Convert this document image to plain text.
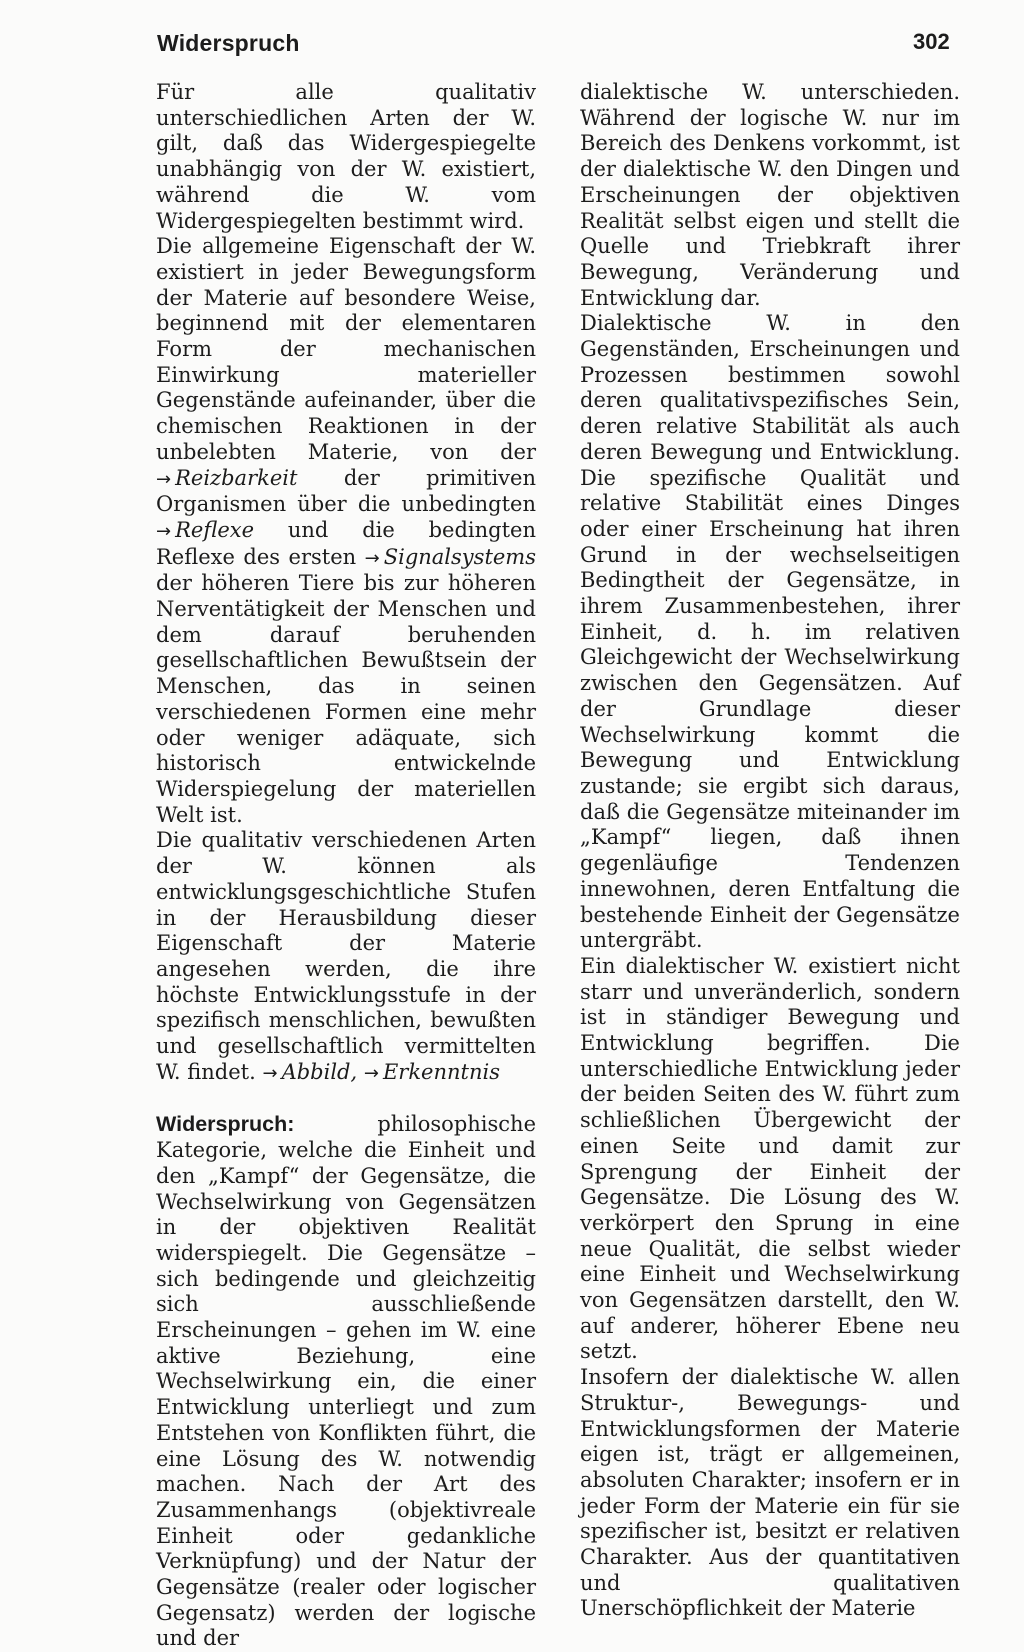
Widerspruch	302

Für alle qualitativ unterschiedlichen Arten der W. gilt, daß das Widergespiegelte unabhängig von der W. existiert, während die W. vom Widergespiegelten bestimmt wird.

Die allgemeine Eigenschaft der W. existiert in jeder Bewegungsform der Materie auf besondere Weise, beginnend mit der elementaren Form der mechanischen Einwirkung materieller Gegenstände aufeinander, über die chemischen Reaktionen in der unbelebten Materie, von der → Reizbarkeit der primitiven Organismen über die unbedingten → Reflexe und die bedingten Reflexe des ersten → Signalsystems der höheren Tiere bis zur höheren Nerventätigkeit der Menschen und dem darauf beruhenden gesellschaftlichen Bewußtsein der Menschen, das in seinen verschiedenen Formen eine mehr oder weniger adäquate, sich historisch entwickelnde Widerspiegelung der materiellen Welt ist.

Die qualitativ verschiedenen Arten der W. können als entwicklungsgeschichtliche Stufen in der Herausbildung dieser Eigenschaft der Materie angesehen werden, die ihre höchste Entwicklungsstufe in der spezifisch menschlichen, bewußten und gesellschaftlich vermittelten W. findet. → Abbild, → Erkenntnis

Widerspruch:	philosophische Kategorie, welche die Einheit und den „Kampf“ der Gegensätze, die Wechselwirkung von Gegensätzen in der objektiven Realität widerspiegelt. Die Gegensätze – sich bedingende und gleichzeitig sich ausschließende Erscheinungen – gehen im W. eine aktive Beziehung, eine Wechselwirkung ein, die einer Entwicklung unterliegt und zum Entstehen von Konflikten führt, die eine Lösung des W. notwendig machen. Nach der Art des Zusammenhangs (objektivreale Einheit oder gedankliche Verknüpfung) und der Natur der Gegensätze (realer oder logischer Gegensatz) werden der logische und der

dialektische W. unterschieden. Während der logische W. nur im Bereich des Denkens vorkommt, ist der dialektische W. den Dingen und Erscheinungen der objektiven Realität selbst eigen und stellt die Quelle und Triebkraft ihrer Bewegung, Veränderung und Entwicklung dar.

Dialektische W. in den Gegenständen, Erscheinungen und Prozessen bestimmen sowohl deren qualitativspezifisches Sein, deren relative Stabilität als auch deren Bewegung und Entwicklung. Die spezifische Qualität und relative Stabilität eines Dinges oder einer Erscheinung hat ihren Grund in der wechselseitigen Bedingtheit der Gegensätze, in ihrem Zusammenbestehen, ihrer Einheit, d. h. im relativen Gleichgewicht der Wechselwirkung zwischen den Gegensätzen. Auf der Grundlage dieser Wechselwirkung kommt die Bewegung und Entwicklung zustande; sie ergibt sich daraus, daß die Gegensätze miteinander im „Kampf“ liegen, daß ihnen gegenläufige Tendenzen innewohnen, deren Entfaltung die bestehende Einheit der Gegensätze untergräbt.

Ein dialektischer W. existiert nicht starr und unveränderlich, sondern ist in ständiger Bewegung und Entwicklung begriffen. Die unterschiedliche Entwicklung jeder der beiden Seiten des W. führt zum schließlichen Übergewicht der einen Seite und damit zur Sprengung der Einheit der Gegensätze. Die Lösung des W. verkörpert den Sprung in eine neue Qualität, die selbst wieder eine Einheit und Wechselwirkung von Gegensätzen darstellt, den W. auf anderer, höherer Ebene neu setzt.

Insofern der dialektische W. allen Struktur-, Bewegungs- und Entwicklungsformen der Materie eigen ist, trägt er allgemeinen, absoluten Charakter; insofern er in jeder Form der Materie ein für sie spezifischer ist, besitzt er relativen Charakter. Aus der quantitativen und qualitativen Unerschöpflichkeit der Materie
